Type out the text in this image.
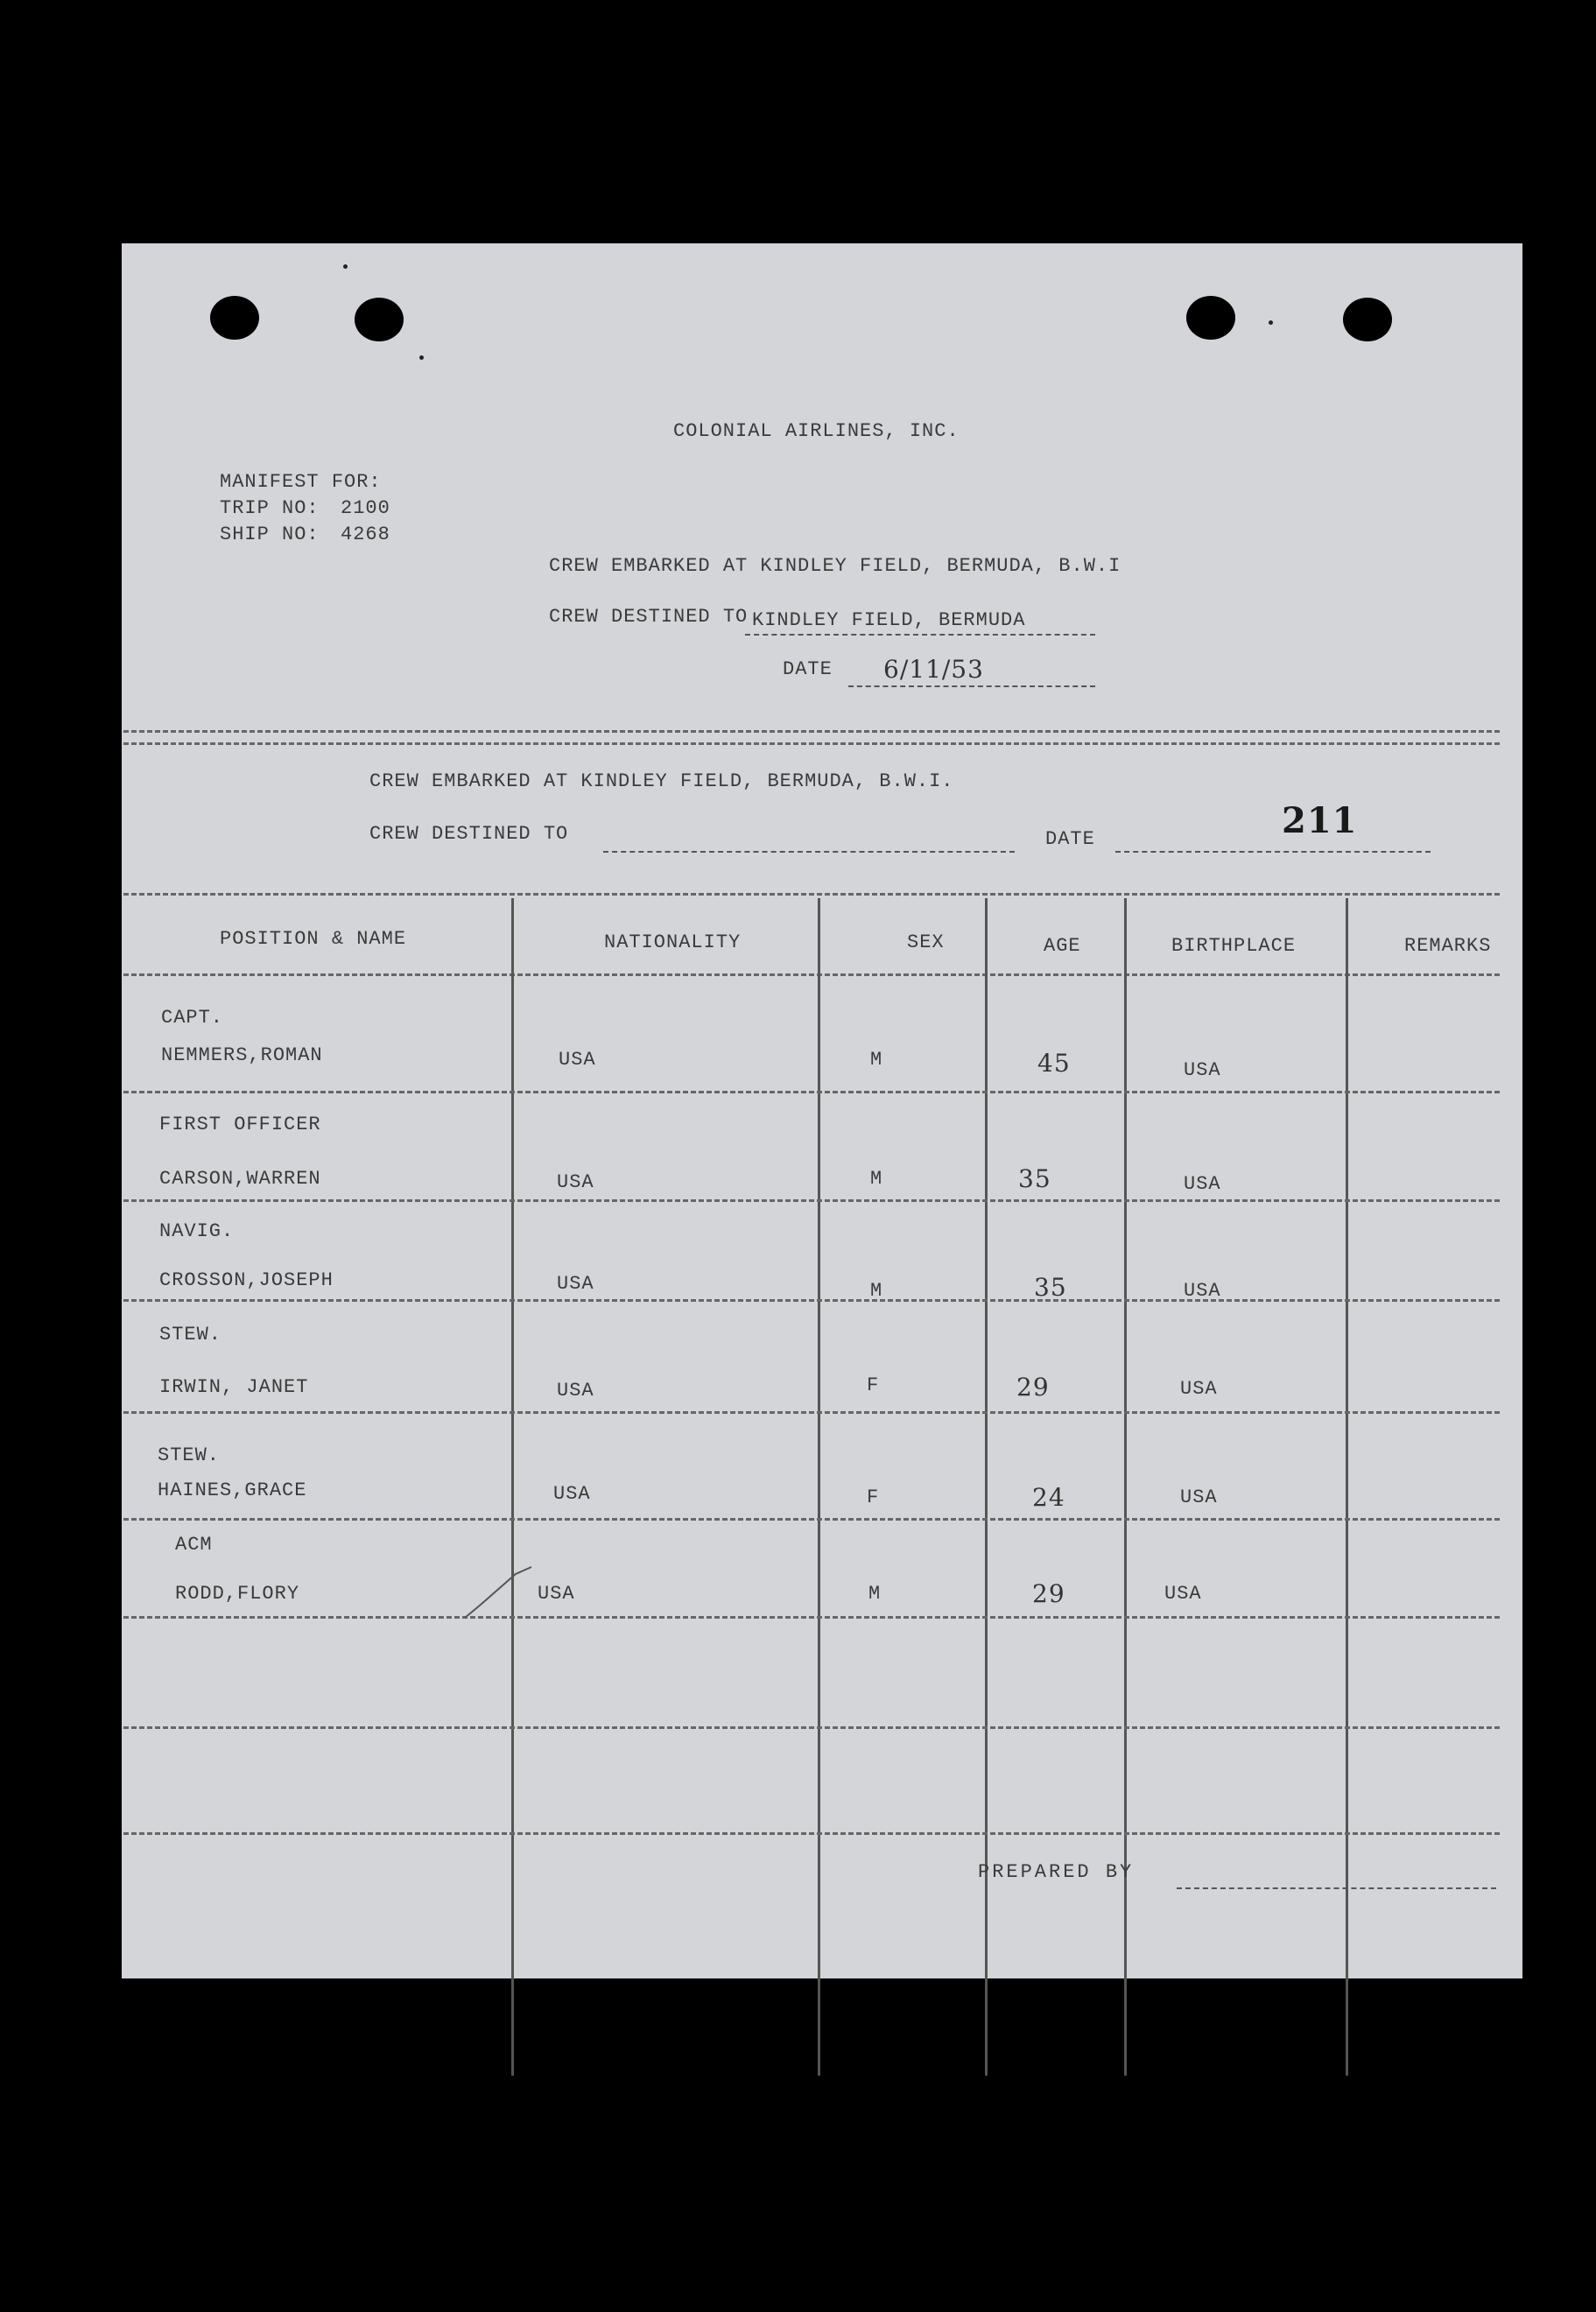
COLONIAL AIRLINES, INC.
MANIFEST FOR:
TRIP NO: 2100
SHIP NO: 4268
CREW EMBARKED AT KINDLEY FIELD, BERMUDA, B.W.I
CREW DESTINED TO KINDLEY FIELD, BERMUDA
DATE 6/11/53
CREW EMBARKED AT KINDLEY FIELD, BERMUDA, B.W.I.
CREW DESTINED TO	DATE	211
POSITION & NAME	NATIONALITY	SEX	AGE	BIRTHPLACE	REMARKS
CAPT.
NEMMERS,ROMAN	USA	M	45	USA
FIRST OFFICER
CARSON,WARREN	USA	M	35	USA
NAVIG.
CROSSON,JOSEPH	USA	M	35	USA
STEW.
IRWIN, JANET	USA	F	29	USA
STEW.
HAINES,GRACE	USA	F	24	USA
ACM
RODD,FLORY	USA	M	29	USA
PREPARED BY
